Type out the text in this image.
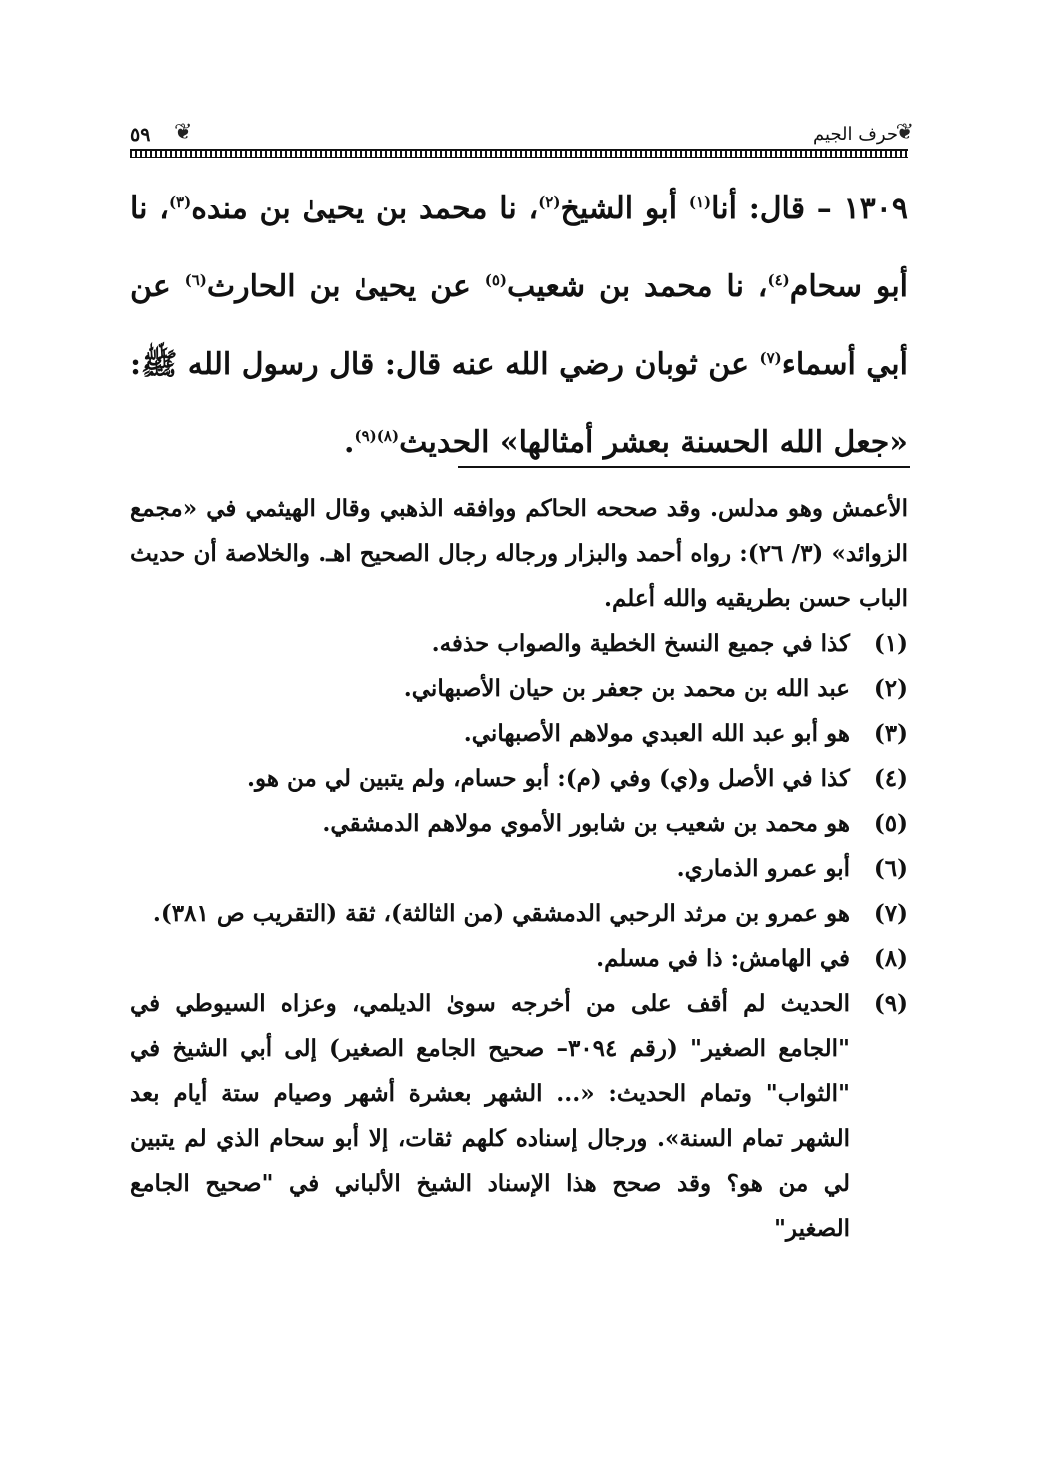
❦
٥٩	❦
حرف الجيم
١٣٠٩ – قال: أنا$^{(١)}$ أبو الشيخ$^{(٢)}$، نا محمد بن يحيىٰ بن منده$^{(٣)}$، نا أبو سحام$^{(٤)}$، نا محمد بن شعيب$^{(٥)}$ عن يحيىٰ بن الحارث$^{(٦)}$ عن أبي أسماء$^{(٧)}$ عن ثوبان رضي الله عنه قال: قال رسول الله ﷺ: «جعل الله الحسنة بعشر أمثالها» الحديث$^{(٨)(٩)}$.
الأعمش وهو مدلس. وقد صححه الحاكم ووافقه الذهبي وقال الهيثمي في «مجمع الزوائد» (٣/ ٢٦): رواه أحمد والبزار ورجاله رجال الصحيح اهـ. والخلاصة أن حديث الباب حسن بطريقيه والله أعلم.
(١)
كذا في جميع النسخ الخطية والصواب حذفه.
(٢)
عبد الله بن محمد بن جعفر بن حيان الأصبهاني.
(٣)
هو أبو عبد الله العبدي مولاهم الأصبهاني.
(٤)
كذا في الأصل و(ي) وفي (م): أبو حسام، ولم يتبين لي من هو.
(٥)
هو محمد بن شعيب بن شابور الأموي مولاهم الدمشقي.
(٦)
أبو عمرو الذماري.
(٧)
هو عمرو بن مرثد الرحبي الدمشقي (من الثالثة)، ثقة (التقريب ص ٣٨١).
(٨)
في الهامش: ذا في مسلم.
(٩)
الحديث لم أقف على من أخرجه سوىٰ الديلمي، وعزاه السيوطي في "الجامع الصغير" (رقم ٣٠٩٤– صحيح الجامع الصغير) إلى أبي الشيخ في "الثواب" وتمام الحديث: «... الشهر بعشرة أشهر وصيام ستة أيام بعد الشهر تمام السنة». ورجال إسناده كلهم ثقات، إلا أبو سحام الذي لم يتبين لي من هو؟ وقد صحح هذا الإسناد الشيخ الألباني في "صحيح الجامع الصغير"
